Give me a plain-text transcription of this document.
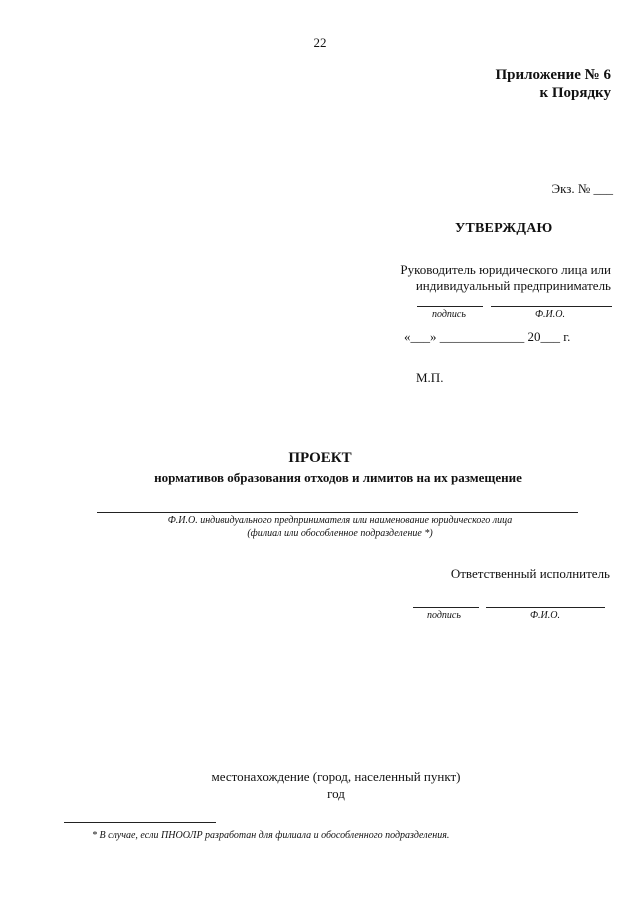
22
Приложение № 6
к Порядку
Экз. № ___
УТВЕРЖДАЮ
Руководитель юридического лица или
индивидуальный предприниматель
подпись	Ф.И.О.
«___» _____________ 20___ г.
М.П.
ПРОЕКТ
нормативов образования отходов и лимитов на их размещение
Ф.И.О. индивидуального предпринимателя или наименование юридического лица
(филиал или обособленное подразделение *)
Ответственный исполнитель
подпись	Ф.И.О.
местонахождение (город, населенный пункт)
год
* В случае, если ПНООЛР разработан для филиала и обособленного подразделения.
